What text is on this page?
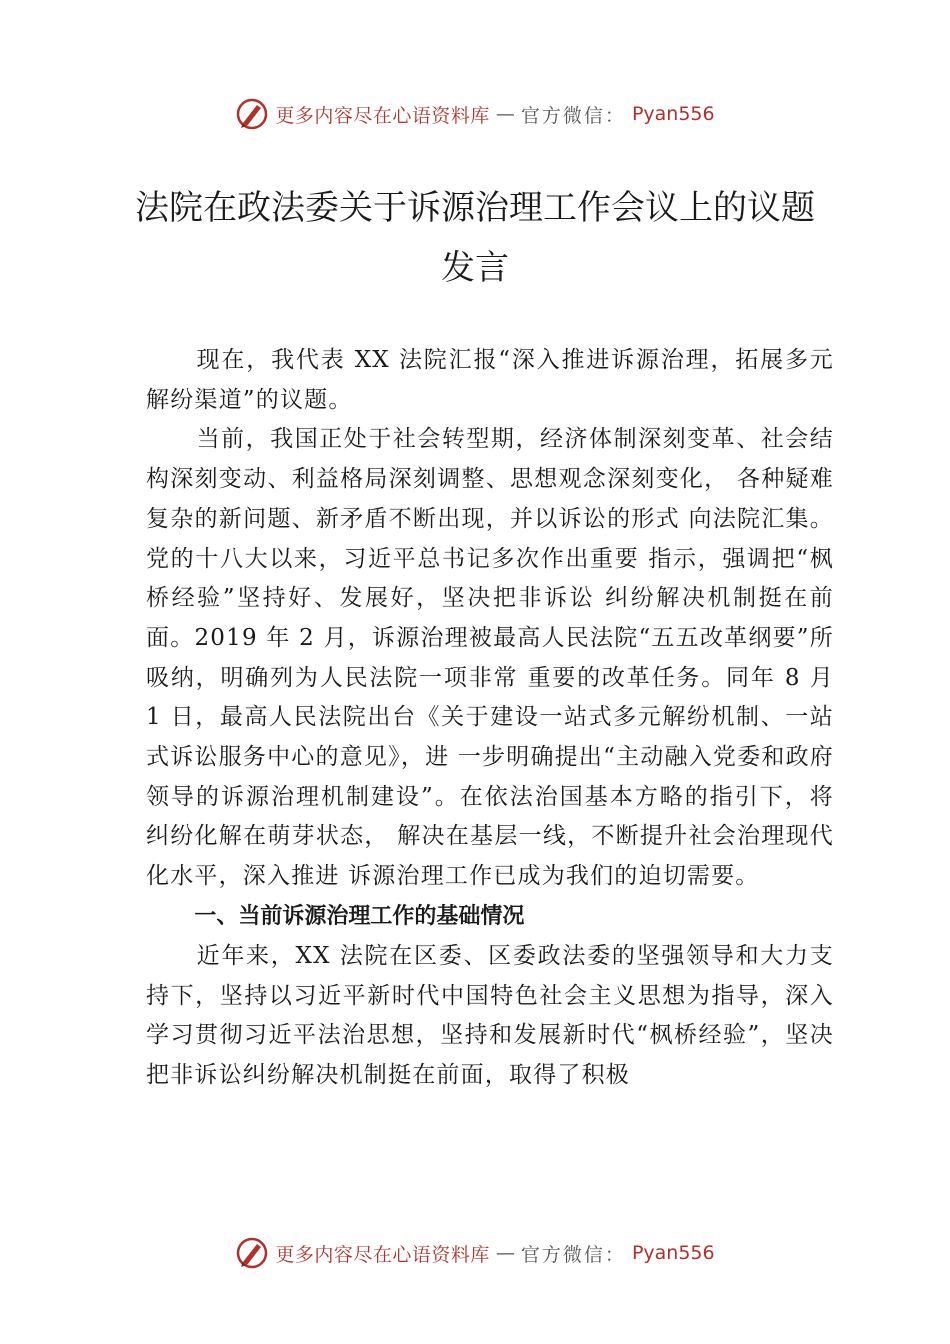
更多内容尽在心语资料库 — 官方微信： Pyan556
法院在政法委关于诉源治理工作会议上的议题发言

现在，我代表 XX 法院汇报“深入推进诉源治理，拓展多元解纷渠道”的议题。

当前，我国正处于社会转型期，经济体制深刻变革、社会结构深刻变动、利益格局深刻调整、思想观念深刻变化， 各种疑难复杂的新问题、新矛盾不断出现，并以诉讼的形式 向法院汇集。党的十八大以来，习近平总书记多次作出重要 指示，强调把“枫桥经验”坚持好、发展好，坚决把非诉讼 纠纷解决机制挺在前面。2019 年 2 月，诉源治理被最高人民法院“五五改革纲要”所吸纳，明确列为人民法院一项非常 重要的改革任务。同年 8 月 1 日，最高人民法院出台《关于建设一站式多元解纷机制、一站式诉讼服务中心的意见》，进 一步明确提出“主动融入党委和政府领导的诉源治理机制建设”。在依法治国基本方略的指引下，将纠纷化解在萌芽状态， 解决在基层一线，不断提升社会治理现代化水平，深入推进 诉源治理工作已成为我们的迫切需要。

一、当前诉源治理工作的基础情况

近年来，XX 法院在区委、区委政法委的坚强领导和大力支持下，坚持以习近平新时代中国特色社会主义思想为指导，深入学习贯彻习近平法治思想，坚持和发展新时代“枫桥经验”，坚决把非诉讼纠纷解决机制挺在前面，取得了积极

更多内容尽在心语资料库 — 官方微信： Pyan556
